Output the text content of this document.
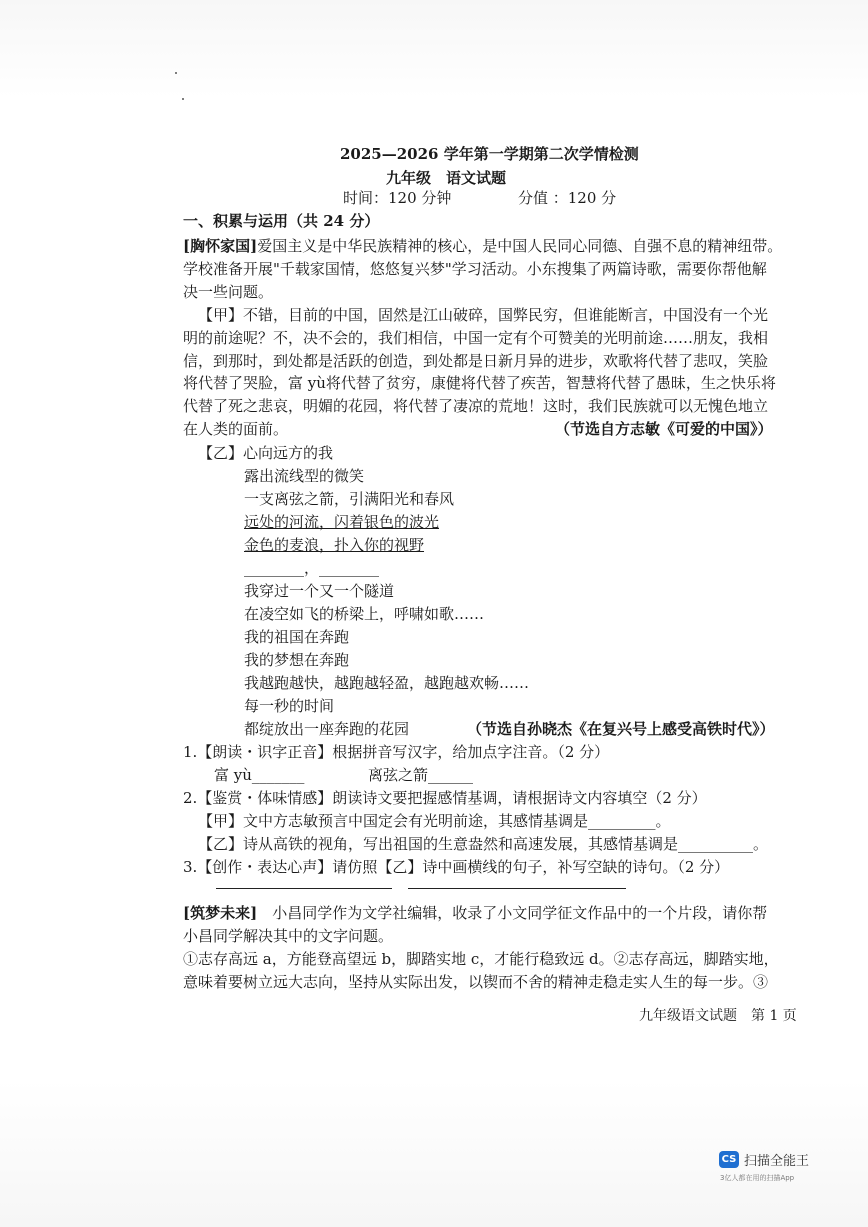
2025—2026 学年第一学期第二次学情检测
九年级　语文试题
时间：120 分钟	分值 ：120 分
一、积累与运用（共 24 分）
[胸怀家国]爱国主义是中华民族精神的核心，是中国人民同心同德、自强不息的精神纽带。
学校准备开展"千载家国情，悠悠复兴梦"学习活动。小东搜集了两篇诗歌，需要你帮他解
决一些问题。
【甲】不错，目前的中国，固然是江山破碎，国弊民穷，但谁能断言，中国没有一个光
明的前途呢？不，决不会的，我们相信，中国一定有个可赞美的光明前途……朋友，我相
信，到那时，到处都是活跃的创造，到处都是日新月异的进步，欢歌将代替了悲叹，笑脸
将代替了哭脸，富 yù将代替了贫穷，康健将代替了疾苦，智慧将代替了愚昧，生之快乐将
代替了死之悲哀，明媚的花园，将代替了凄凉的荒地！这时，我们民族就可以无愧色地立
在人类的面前。	（节选自方志敏《可爱的中国》）
【乙】心向远方的我
露出流线型的微笑
一支离弦之箭，引满阳光和春风
远处的河流，闪着银色的波光
金色的麦浪，扑入你的视野
________，________
我穿过一个又一个隧道
在凌空如飞的桥梁上，呼啸如歌……
我的祖国在奔跑
我的梦想在奔跑
我越跑越快，越跑越轻盈，越跑越欢畅……
每一秒的时间
都绽放出一座奔跑的花园	（节选自孙晓杰《在复兴号上感受高铁时代》）
1.【朗读・识字正音】根据拼音写汉字，给加点字注音。（2 分）
富 yù_______	离弦之箭______
2.【鉴赏・体味情感】朗读诗文要把握感情基调，请根据诗文内容填空（2 分）
【甲】文中方志敏预言中国定会有光明前途，其感情基调是_________。
【乙】诗从高铁的视角，写出祖国的生意盎然和高速发展，其感情基调是__________。
3.【创作・表达心声】请仿照【乙】诗中画横线的句子，补写空缺的诗句。（2 分）
[筑梦未来]　 小昌同学作为文学社编辑，收录了小文同学征文作品中的一个片段，请你帮
小昌同学解决其中的文字问题。
①志存高远 a，方能登高望远 b，脚踏实地 c，才能行稳致远 d。②志存高远，脚踏实地，
意味着要树立远大志向，坚持从实际出发，以锲而不舍的精神走稳走实人生的每一步。③
九年级语文试题　第 1 页
CS 扫描全能王
3亿人都在用的扫描App
